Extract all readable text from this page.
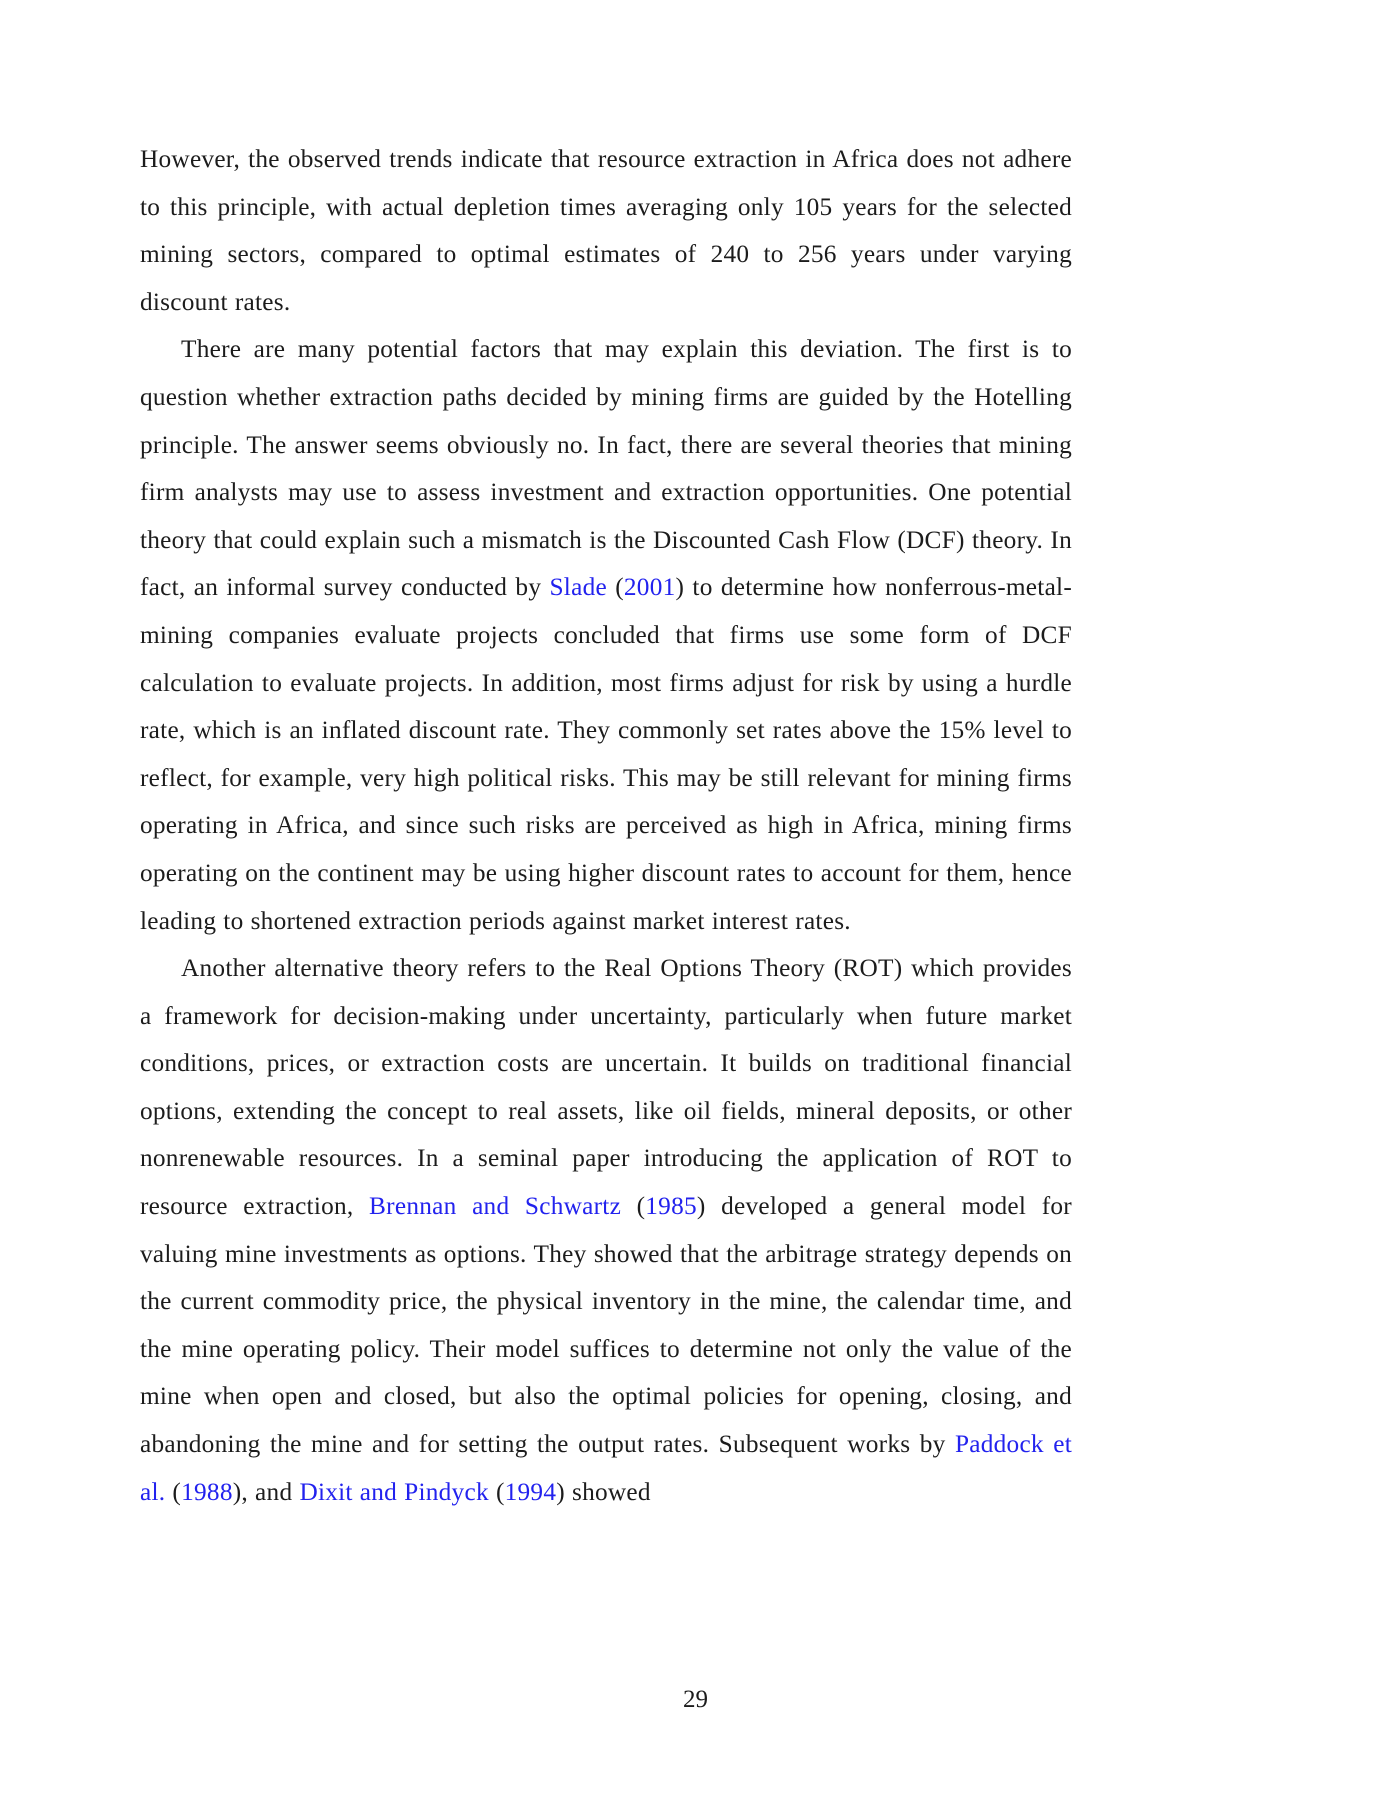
However, the observed trends indicate that resource extraction in Africa does not adhere to this principle, with actual depletion times averaging only 105 years for the selected mining sectors, compared to optimal estimates of 240 to 256 years under varying discount rates.

There are many potential factors that may explain this deviation. The first is to question whether extraction paths decided by mining firms are guided by the Hotelling principle. The answer seems obviously no. In fact, there are several theories that mining firm analysts may use to assess investment and extraction opportunities. One potential theory that could explain such a mismatch is the Discounted Cash Flow (DCF) theory. In fact, an informal survey conducted by Slade (2001) to determine how nonferrous-metal-mining companies evaluate projects concluded that firms use some form of DCF calculation to evaluate projects. In addition, most firms adjust for risk by using a hurdle rate, which is an inflated discount rate. They commonly set rates above the 15% level to reflect, for example, very high political risks. This may be still relevant for mining firms operating in Africa, and since such risks are perceived as high in Africa, mining firms operating on the continent may be using higher discount rates to account for them, hence leading to shortened extraction periods against market interest rates.

Another alternative theory refers to the Real Options Theory (ROT) which provides a framework for decision-making under uncertainty, particularly when future market conditions, prices, or extraction costs are uncertain. It builds on traditional financial options, extending the concept to real assets, like oil fields, mineral deposits, or other nonrenewable resources. In a seminal paper introducing the application of ROT to resource extraction, Brennan and Schwartz (1985) developed a general model for valuing mine investments as options. They showed that the arbitrage strategy depends on the current commodity price, the physical inventory in the mine, the calendar time, and the mine operating policy. Their model suffices to determine not only the value of the mine when open and closed, but also the optimal policies for opening, closing, and abandoning the mine and for setting the output rates. Subsequent works by Paddock et al. (1988), and Dixit and Pindyck (1994) showed

29
